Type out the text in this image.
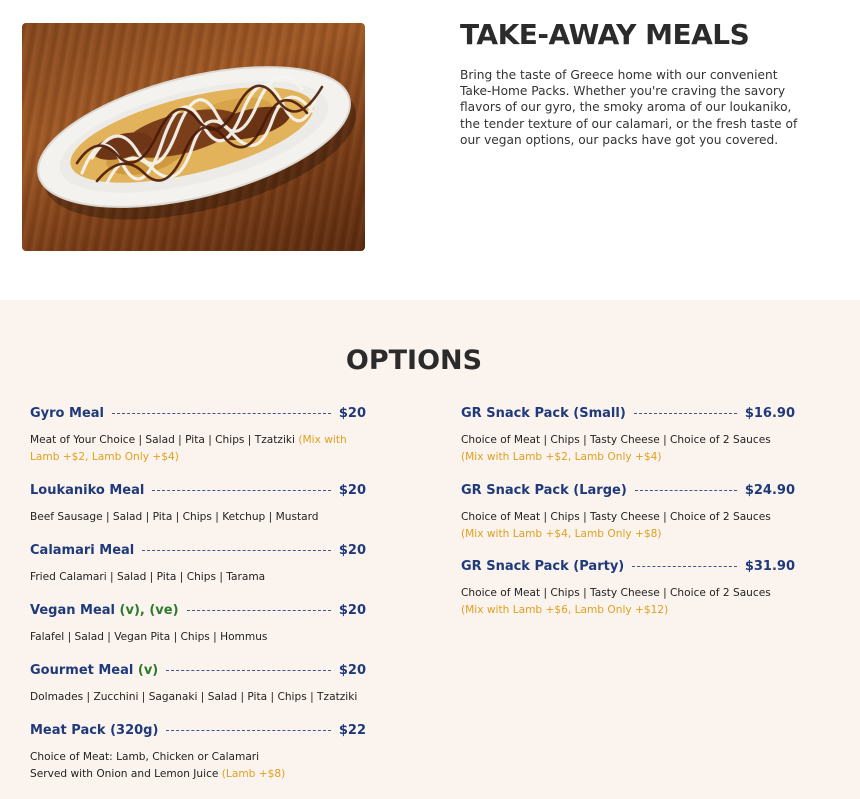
TAKE-AWAY MEALS
Bring the taste of Greece home with our convenient Take-Home Packs. Whether you're craving the savory flavors of our gyro, the smoky aroma of our loukaniko, the tender texture of our calamari, or the fresh taste of our vegan options, our packs have got you covered.
OPTIONS
Gyro Meal	$20
Meat of Your Choice | Salad | Pita | Chips | Tzatziki (Mix with Lamb +$2, Lamb Only +$4)
Loukaniko Meal	$20
Beef Sausage | Salad | Pita | Chips | Ketchup | Mustard
Calamari Meal	$20
Fried Calamari | Salad | Pita | Chips | Tarama
Vegan Meal (v), (ve)	$20
Falafel | Salad | Vegan Pita | Chips | Hommus
Gourmet Meal (v)	$20
Dolmades | Zucchini | Saganaki | Salad | Pita | Chips | Tzatziki
Meat Pack (320g)	$22
Choice of Meat: Lamb, Chicken or Calamari
Served with Onion and Lemon Juice (Lamb +$8)
GR Snack Pack (Small)	$16.90
Choice of Meat | Chips | Tasty Cheese | Choice of 2 Sauces
(Mix with Lamb +$2, Lamb Only +$4)
GR Snack Pack (Large)	$24.90
Choice of Meat | Chips | Tasty Cheese | Choice of 2 Sauces
(Mix with Lamb +$4, Lamb Only +$8)
GR Snack Pack (Party)	$31.90
Choice of Meat | Chips | Tasty Cheese | Choice of 2 Sauces
(Mix with Lamb +$6, Lamb Only +$12)
